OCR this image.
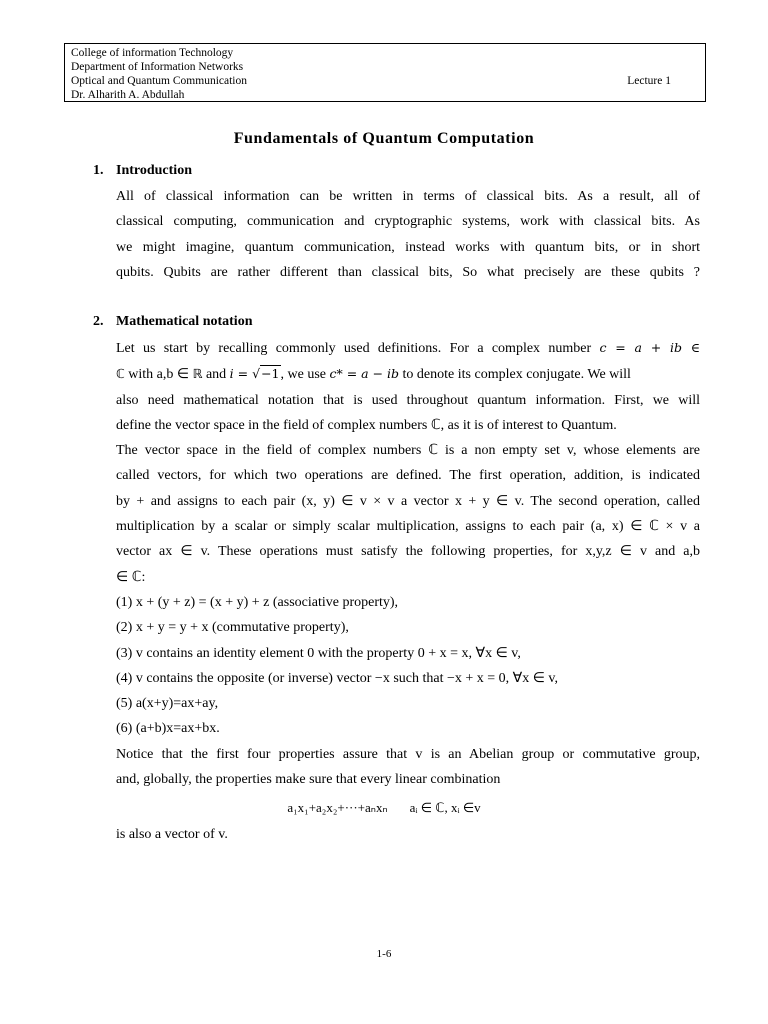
College of information Technology
Department of Information Networks
Optical and Quantum Communication	Lecture 1
Dr. Alharith A. Abdullah
Fundamentals of Quantum Computation
1. Introduction
All of classical information can be written in terms of classical bits. As a result, all of
classical computing, communication and cryptographic systems, work with classical bits. As
we might imagine, quantum communication, instead works with quantum bits, or in short
qubits. Qubits are rather different than classical bits, So what precisely are these qubits ?
2. Mathematical notation
Let us start by recalling commonly used definitions. For a complex number c = a + ib ∈
ℂ with a,b ∈ ℝ and i = √−1, we use c* = a − ib to denote its complex conjugate. We will
also need mathematical notation that is used throughout quantum information. First, we will
define the vector space in the field of complex numbers ℂ, as it is of interest to Quantum.
The vector space in the field of complex numbers ℂ is a non empty set v, whose elements are
called vectors, for which two operations are defined. The first operation, addition, is indicated
by + and assigns to each pair (x, y) ∈ v × v a vector x + y ∈ v. The second operation, called
multiplication by a scalar or simply scalar multiplication, assigns to each pair (a, x) ∈ ℂ × v a
vector ax ∈ v. These operations must satisfy the following properties, for x,y,z ∈ v and a,b
∈ ℂ:
(1) x + (y + z) = (x + y) + z (associative property),
(2) x + y = y + x (commutative property),
(3) v contains an identity element 0 with the property 0 + x = x, ∀x ∈ v,
(4) v contains the opposite (or inverse) vector −x such that −x + x = 0, ∀x ∈ v,
(5) a(x+y)=ax+ay,
(6) (a+b)x=ax+bx.
Notice that the first four properties assure that v is an Abelian group or commutative group,
and, globally, the properties make sure that every linear combination
a₁x₁+a₂x₂+···+aₙxₙ aᵢ ∈ ℂ, xᵢ ∈v
is also a vector of v.
1-6
